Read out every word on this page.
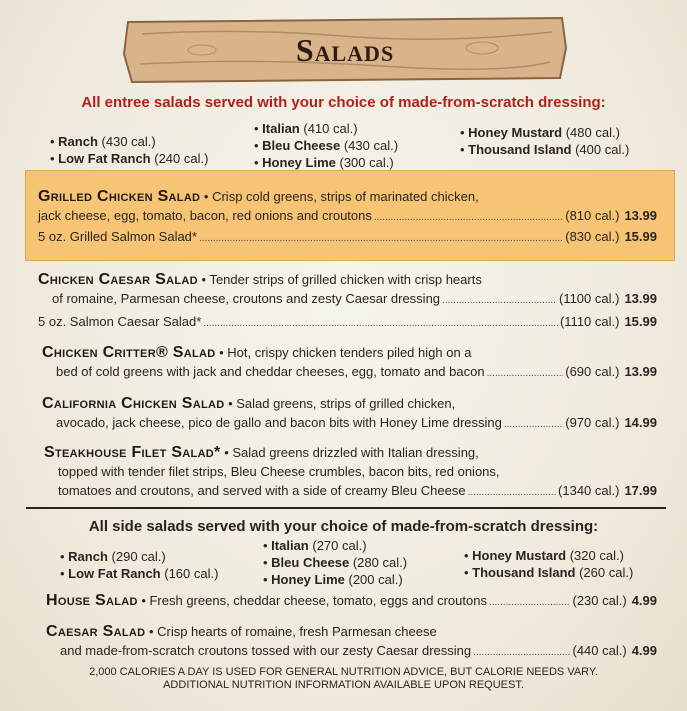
Salads
All entree salads served with your choice of made-from-scratch dressing:
• Ranch (430 cal.)
• Low Fat Ranch (240 cal.)
• Italian (410 cal.)
• Bleu Cheese (430 cal.)
• Honey Lime (300 cal.)
• Honey Mustard (480 cal.)
• Thousand Island (400 cal.)
Grilled Chicken Salad • Crisp cold greens, strips of marinated chicken,
jack cheese, egg, tomato, bacon, red onions and croutons .....	(810 cal.) 13.99
5 oz. Grilled Salmon Salad* .....	(830 cal.) 15.99
Chicken Caesar Salad • Tender strips of grilled chicken with crisp hearts
of romaine, Parmesan cheese, croutons and zesty Caesar dressing .....	(1100 cal.) 13.99
5 oz. Salmon Caesar Salad* .....	(1110 cal.) 15.99
Chicken Critter® Salad • Hot, crispy chicken tenders piled high on a
bed of cold greens with jack and cheddar cheeses, egg, tomato and bacon .....	(690 cal.) 13.99
California Chicken Salad • Salad greens, strips of grilled chicken,
avocado, jack cheese, pico de gallo and bacon bits with Honey Lime dressing .....	(970 cal.) 14.99
Steakhouse Filet Salad* • Salad greens drizzled with Italian dressing,
topped with tender filet strips, Bleu Cheese crumbles, bacon bits, red onions,
tomatoes and croutons, and served with a side of creamy Bleu Cheese .....	(1340 cal.) 17.99
All side salads served with your choice of made-from-scratch dressing:
• Ranch (290 cal.)
• Low Fat Ranch (160 cal.)
• Italian (270 cal.)
• Bleu Cheese (280 cal.)
• Honey Lime (200 cal.)
• Honey Mustard (320 cal.)
• Thousand Island (260 cal.)
House Salad • Fresh greens, cheddar cheese, tomato, eggs and croutons .....	(230 cal.) 4.99
Caesar Salad • Crisp hearts of romaine, fresh Parmesan cheese
and made-from-scratch croutons tossed with our zesty Caesar dressing .....	(440 cal.) 4.99
2,000 CALORIES A DAY IS USED FOR GENERAL NUTRITION ADVICE, BUT CALORIE NEEDS VARY.
ADDITIONAL NUTRITION INFORMATION AVAILABLE UPON REQUEST.
